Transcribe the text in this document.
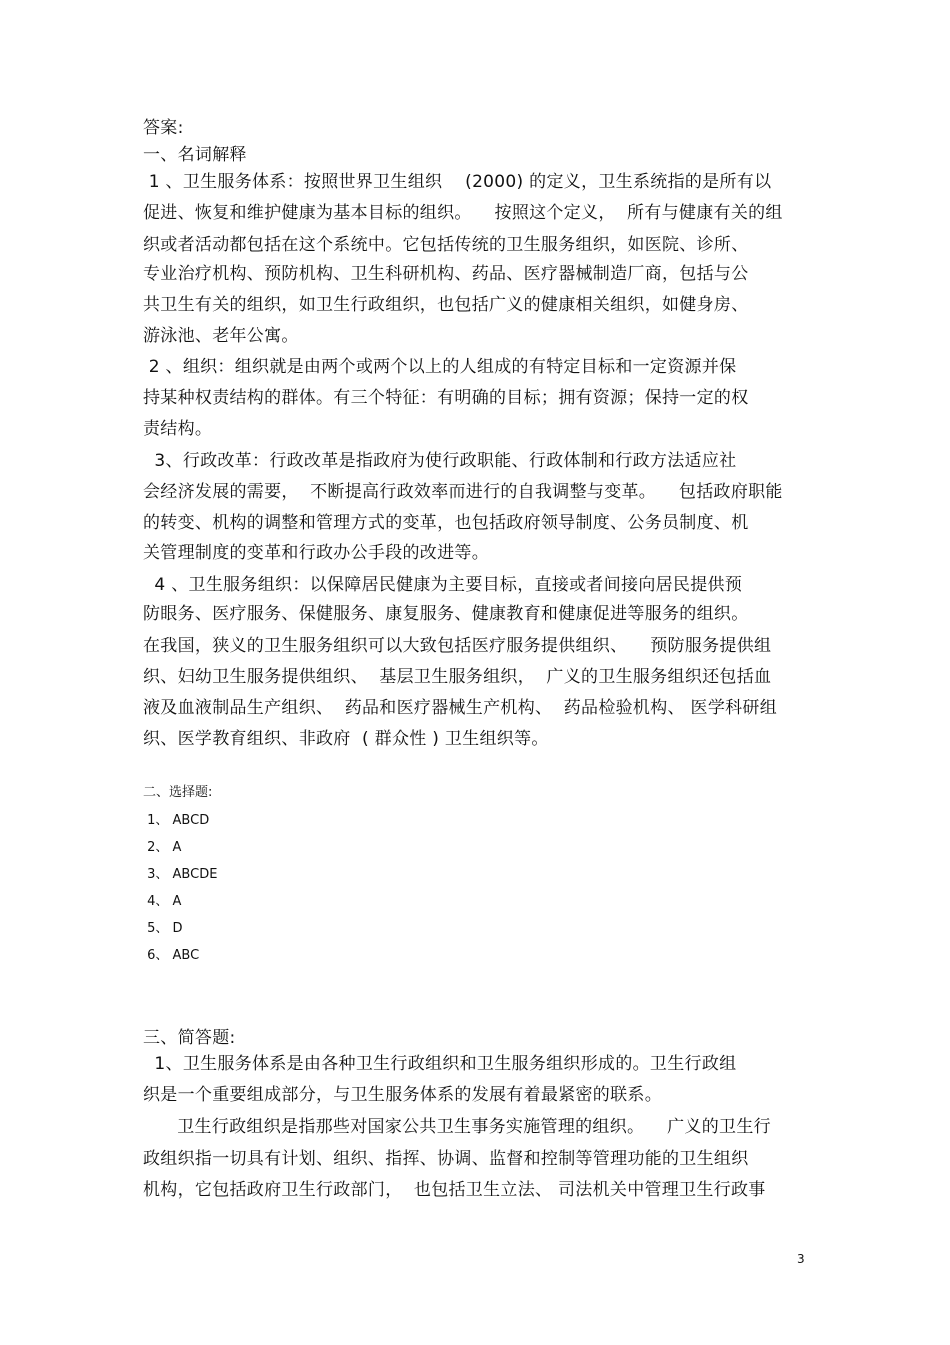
答案:
一、名词解释
1 、卫生服务体系：按照世界卫生组织    (2000) 的定义，卫生系统指的是所有以
促进、恢复和维护健康为基本目标的组织。    按照这个定义，  所有与健康有关的组
织或者活动都包括在这个系统中。它包括传统的卫生服务组织，如医院、诊所、
专业治疗机构、预防机构、卫生科研机构、药品、医疗器械制造厂商，包括与公
共卫生有关的组织，如卫生行政组织，也包括广义的健康相关组织，如健身房、
游泳池、老年公寓。
2 、组织：组织就是由两个或两个以上的人组成的有特定目标和一定资源并保
持某种权责结构的群体。有三个特征：有明确的目标；拥有资源；保持一定的权
责结构。
3、行政改革：行政改革是指政府为使行政职能、行政体制和行政方法适应社
会经济发展的需要，  不断提高行政效率而进行的自我调整与变革。    包括政府职能
的转变、机构的调整和管理方式的变革，也包括政府领导制度、公务员制度、机
关管理制度的变革和行政办公手段的改进等。
4 、卫生服务组织：以保障居民健康为主要目标，直接或者间接向居民提供预
防眼务、医疗服务、保健服务、康复服务、健康教育和健康促进等服务的组织。
在我国，狭义的卫生服务组织可以大致包括医疗服务提供组织、    预防服务提供组
织、妇幼卫生服务提供组织、  基层卫生服务组织，  广义的卫生服务组织还包括血
液及血液制品生产组织、  药品和医疗器械生产机构、  药品检验机构、 医学科研组
织、医学教育组织、非政府  ( 群众性 ) 卫生组织等。
二、选择题:
1、 ABCD
2、 A
3、 ABCDE
4、 A
5、 D
6、 ABC
三、简答题:
1、卫生服务体系是由各种卫生行政组织和卫生服务组织形成的。卫生行政组
织是一个重要组成部分，与卫生服务体系的发展有着最紧密的联系。
卫生行政组织是指那些对国家公共卫生事务实施管理的组织。    广义的卫生行
政组织指一切具有计划、组织、指挥、协调、监督和控制等管理功能的卫生组织
机构，它包括政府卫生行政部门，  也包括卫生立法、 司法机关中管理卫生行政事
3
